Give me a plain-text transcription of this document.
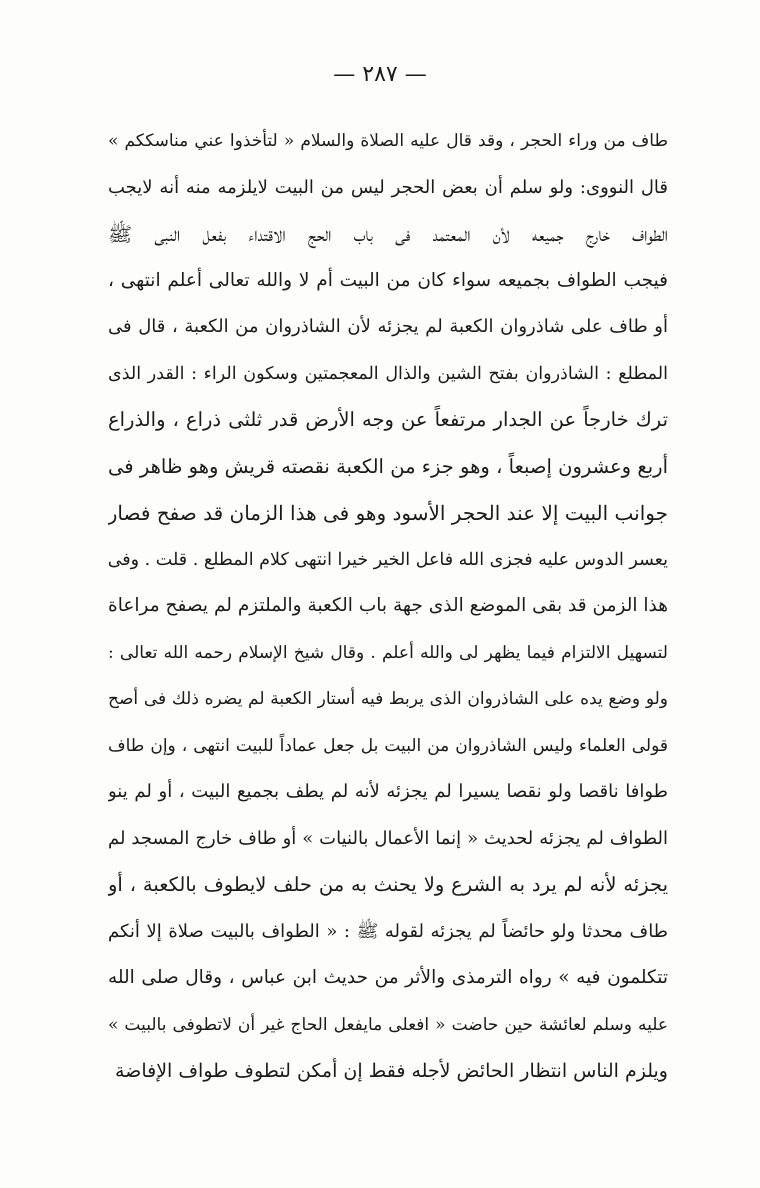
— ٢٨٧ —
طاف من وراء الحجر ، وقد قال عليه الصلاة والسلام « لتأخذوا عني مناسككم »
قال النووى: ولو سلم أن بعض الحجر ليس من البيت لايلزمه منه أنه لايجب
الطواف خارج جميعه لأن المعتمد فى باب الحج الاقتداء بفعل النبى ﷺ
فيجب الطواف بجميعه سواء كان من البيت أم لا والله تعالى أعلم انتهى ،
أو طاف على شاذروان الكعبة لم يجزئه لأن الشاذروان من الكعبة ، قال فى
المطلع : الشاذروان بفتح الشين والذال المعجمتين وسكون الراء : القدر الذى
ترك خارجاً عن الجدار مرتفعاً عن وجه الأرض قدر ثلثى ذراع ، والذراع
أربع وعشرون إصبعاً ، وهو جزء من الكعبة نقصته قريش وهو ظاهر فى
جوانب البيت إلا عند الحجر الأسود وهو فى هذا الزمان قد صفح فصار
يعسر الدوس عليه فجزى الله فاعل الخير خيرا انتهى كلام المطلع . قلت . وفى
هذا الزمن قد بقى الموضع الذى جهة باب الكعبة والملتزم لم يصفح مراعاة
لتسهيل الالتزام فيما يظهر لى والله أعلم . وقال شيخ الإسلام رحمه الله تعالى :
ولو وضع يده على الشاذروان الذى يربط فيه أستار الكعبة لم يضره ذلك فى أصح
قولى العلماء وليس الشاذروان من البيت بل جعل عماداً للبيت انتهى ، وإن طاف
طوافا ناقصا ولو نقصا يسيرا لم يجزئه لأنه لم يطف بجميع البيت ، أو لم ينو
الطواف لم يجزئه لحديث « إنما الأعمال بالنيات » أو طاف خارج المسجد لم
يجزئه لأنه لم يرد به الشرع ولا يحنث به من حلف لايطوف بالكعبة ، أو
طاف محدثا ولو حائضاً لم يجزئه لقوله ﷺ : « الطواف بالبيت صلاة إلا أنكم
تتكلمون فيه » رواه الترمذى والأثر من حديث ابن عباس ، وقال صلى الله
عليه وسلم لعائشة حين حاضت « افعلى مايفعل الحاج غير أن لاتطوفى بالبيت »
ويلزم الناس انتظار الحائض لأجله فقط إن أمكن لتطوف طواف الإفاضة
